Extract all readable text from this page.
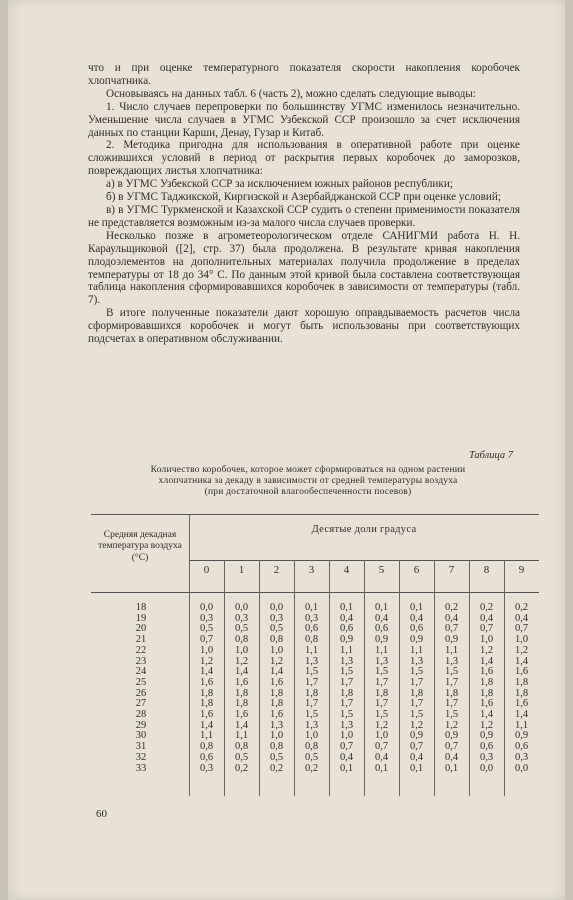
что и при оценке температурного показателя скорости накопления коробочек хлопчатника.

Основываясь на данных табл. 6 (часть 2), можно сделать следующие выводы:

1. Число случаев перепроверки по большинству УГМС изменилось незначительно. Уменьшение числа случаев в УГМС Узбекской ССР произошло за счет исключения данных по станции Карши, Денау, Гузар и Китаб.

2. Методика пригодна для использования в оперативной работе при оценке сложившихся условий в период от раскрытия первых коробочек до заморозков, повреждающих листья хлопчатника:

а) в УГМС Узбекской ССР за исключением южных районов республики;

б) в УГМС Таджикской, Киргизской и Азербайджанской ССР при оценке условий;

в) в УГМС Туркменской и Казахской ССР судить о степени применимости показателя не представляется возможным из-за малого числа случаев проверки.

Несколько позже в агрометеорологическом отделе САНИГМИ работа Н. Н. Караульщиковой ([2], стр. 37) была продолжена. В результате кривая накопления плодоэлементов на дополнительных материалах получила продолжение в пределах температуры от 18 до 34° С. По данным этой кривой была составлена соответствующая таблица накопления сформировавшихся коробочек в зависимости от температуры (табл. 7).

В итоге полученные показатели дают хорошую оправдываемость расчетов числа сформировавшихся коробочек и могут быть использованы при соответствующих подсчетах в оперативном обслуживании.

Таблица 7
Количество коробочек, которое может сформироваться на одном растении
хлопчатника за декаду в зависимости от средней температуры воздуха
(при достаточной влагообеспеченности посевов)
Средняя декадная температура воздуха (°С)
Десятые доли градуса
0	1	2	3	4	5	6	7	8	9
18	0,0	0,0	0,0	0,1	0,1	0,1	0,1	0,2	0,2	0,2
19	0,3	0,3	0,3	0,3	0,4	0,4	0,4	0,4	0,4	0,4
20	0,5	0,5	0,5	0,6	0,6	0,6	0,6	0,7	0,7	0,7
21	0,7	0,8	0,8	0,8	0,9	0,9	0,9	0,9	1,0	1,0
22	1,0	1,0	1,0	1,1	1,1	1,1	1,1	1,1	1,2	1,2
23	1,2	1,2	1,2	1,3	1,3	1,3	1,3	1,3	1,4	1,4
24	1,4	1,4	1,4	1,5	1,5	1,5	1,5	1,5	1,6	1,6
25	1,6	1,6	1,6	1,7	1,7	1,7	1,7	1,7	1,8	1,8
26	1,8	1,8	1,8	1,8	1,8	1,8	1,8	1,8	1,8	1,8
27	1,8	1,8	1,8	1,7	1,7	1,7	1,7	1,7	1,6	1,6
28	1,6	1,6	1,6	1,5	1,5	1,5	1,5	1,5	1,4	1,4
29	1,4	1,4	1,3	1,3	1,3	1,2	1,2	1,2	1,2	1,1
30	1,1	1,1	1,0	1,0	1,0	1,0	0,9	0,9	0,9	0,9
31	0,8	0,8	0,8	0,8	0,7	0,7	0,7	0,7	0,6	0,6
32	0,6	0,5	0,5	0,5	0,4	0,4	0,4	0,4	0,3	0,3
33	0,3	0,2	0,2	0,2	0,1	0,1	0,1	0,1	0,0	0,0
60
